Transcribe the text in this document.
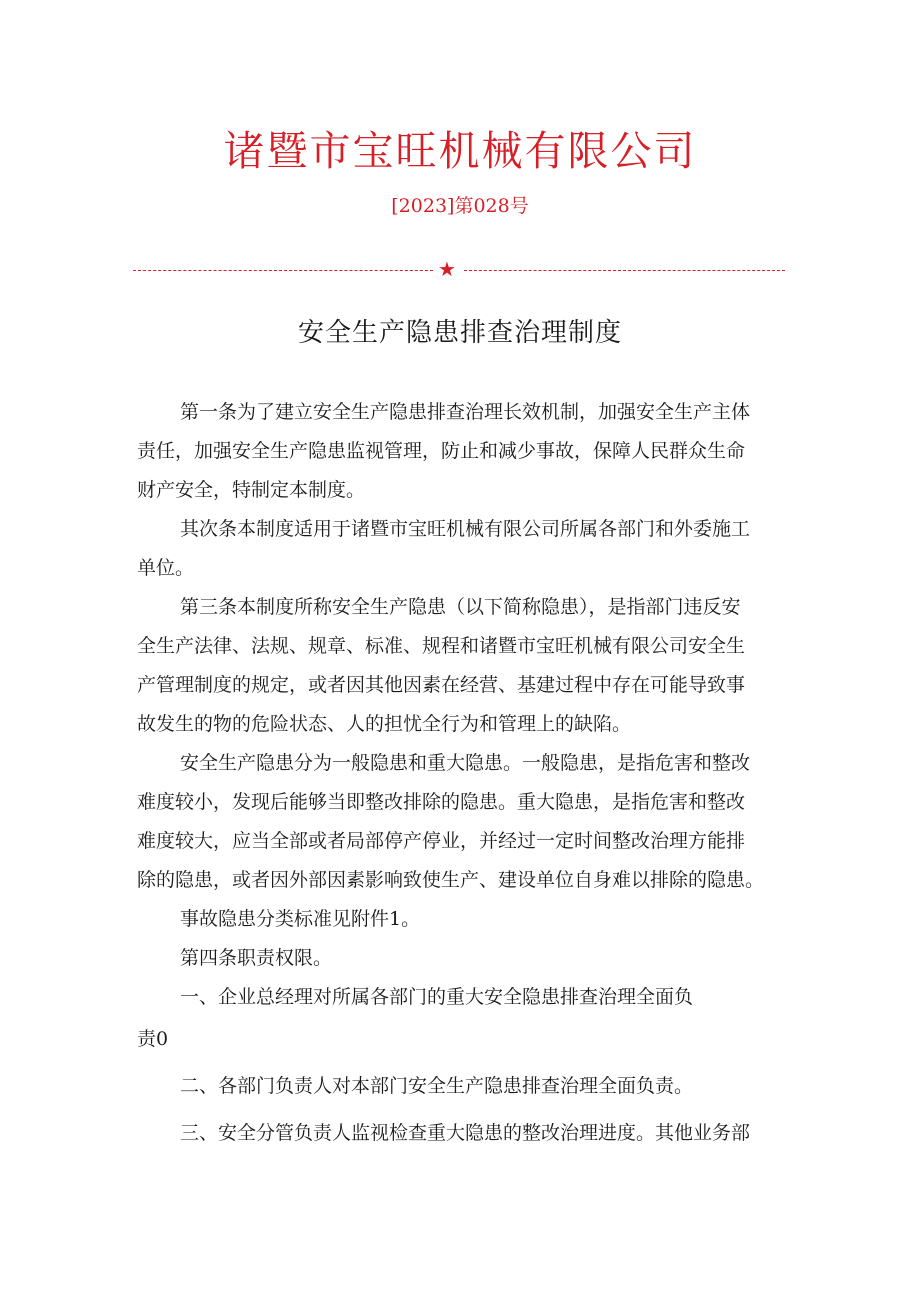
诸暨市宝旺机械有限公司
[2023]第028号
★
安全生产隐患排查治理制度
第一条为了建立安全生产隐患排查治理长效机制，加强安全生产主体
责任，加强安全生产隐患监视管理，防止和减少事故，保障人民群众生命
财产安全，特制定本制度。
其次条本制度适用于诸暨市宝旺机械有限公司所属各部门和外委施工
单位。
第三条本制度所称安全生产隐患（以下简称隐患），是指部门违反安
全生产法律、法规、规章、标准、规程和诸暨市宝旺机械有限公司安全生
产管理制度的规定，或者因其他因素在经营、基建过程中存在可能导致事
故发生的物的危险状态、人的担忧全行为和管理上的缺陷。
安全生产隐患分为一般隐患和重大隐患。一般隐患，是指危害和整改
难度较小，发现后能够当即整改排除的隐患。重大隐患，是指危害和整改
难度较大，应当全部或者局部停产停业，并经过一定时间整改治理方能排
除的隐患，或者因外部因素影响致使生产、建设单位自身难以排除的隐患。
事故隐患分类标准见附件1。
第四条职责权限。
一、企业总经理对所属各部门的重大安全隐患排查治理全面负
责0
二、各部门负责人对本部门安全生产隐患排查治理全面负责。
三、安全分管负责人监视检查重大隐患的整改治理进度。其他业务部
